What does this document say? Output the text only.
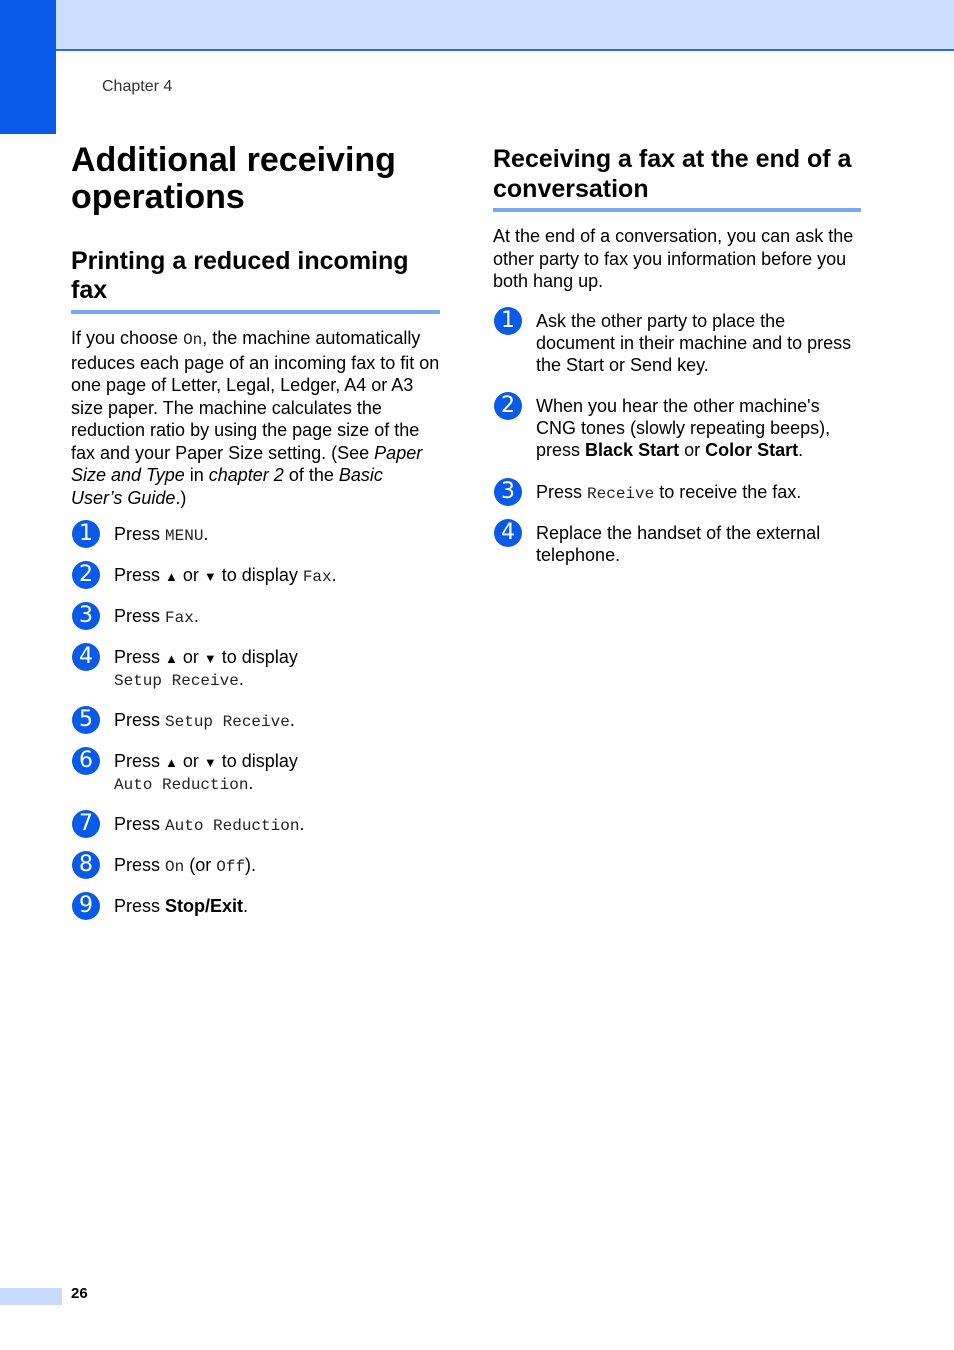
Chapter 4
Additional receiving operations
Printing a reduced incoming fax
If you choose On, the machine automatically
reduces each page of an incoming fax to fit on
one page of Letter, Legal, Ledger, A4 or A3
size paper. The machine calculates the
reduction ratio by using the page size of the
fax and your Paper Size setting. (See Paper
Size and Type in chapter 2 of the Basic
User’s Guide.)
1	Press MENU.
2	Press ▲ or ▼ to display Fax.
3	Press Fax.
4	Press ▲ or ▼ to display
Setup Receive.
5	Press Setup Receive.
6	Press ▲ or ▼ to display
Auto Reduction.
7	Press Auto Reduction.
8	Press On (or Off).
9	Press Stop/Exit.
Receiving a fax at the end of a conversation
At the end of a conversation, you can ask the
other party to fax you information before you
both hang up.
1	Ask the other party to place the
document in their machine and to press
the Start or Send key.
2	When you hear the other machine's
CNG tones (slowly repeating beeps),
press Black Start or Color Start.
3	Press Receive to receive the fax.
4	Replace the handset of the external
telephone.
26
